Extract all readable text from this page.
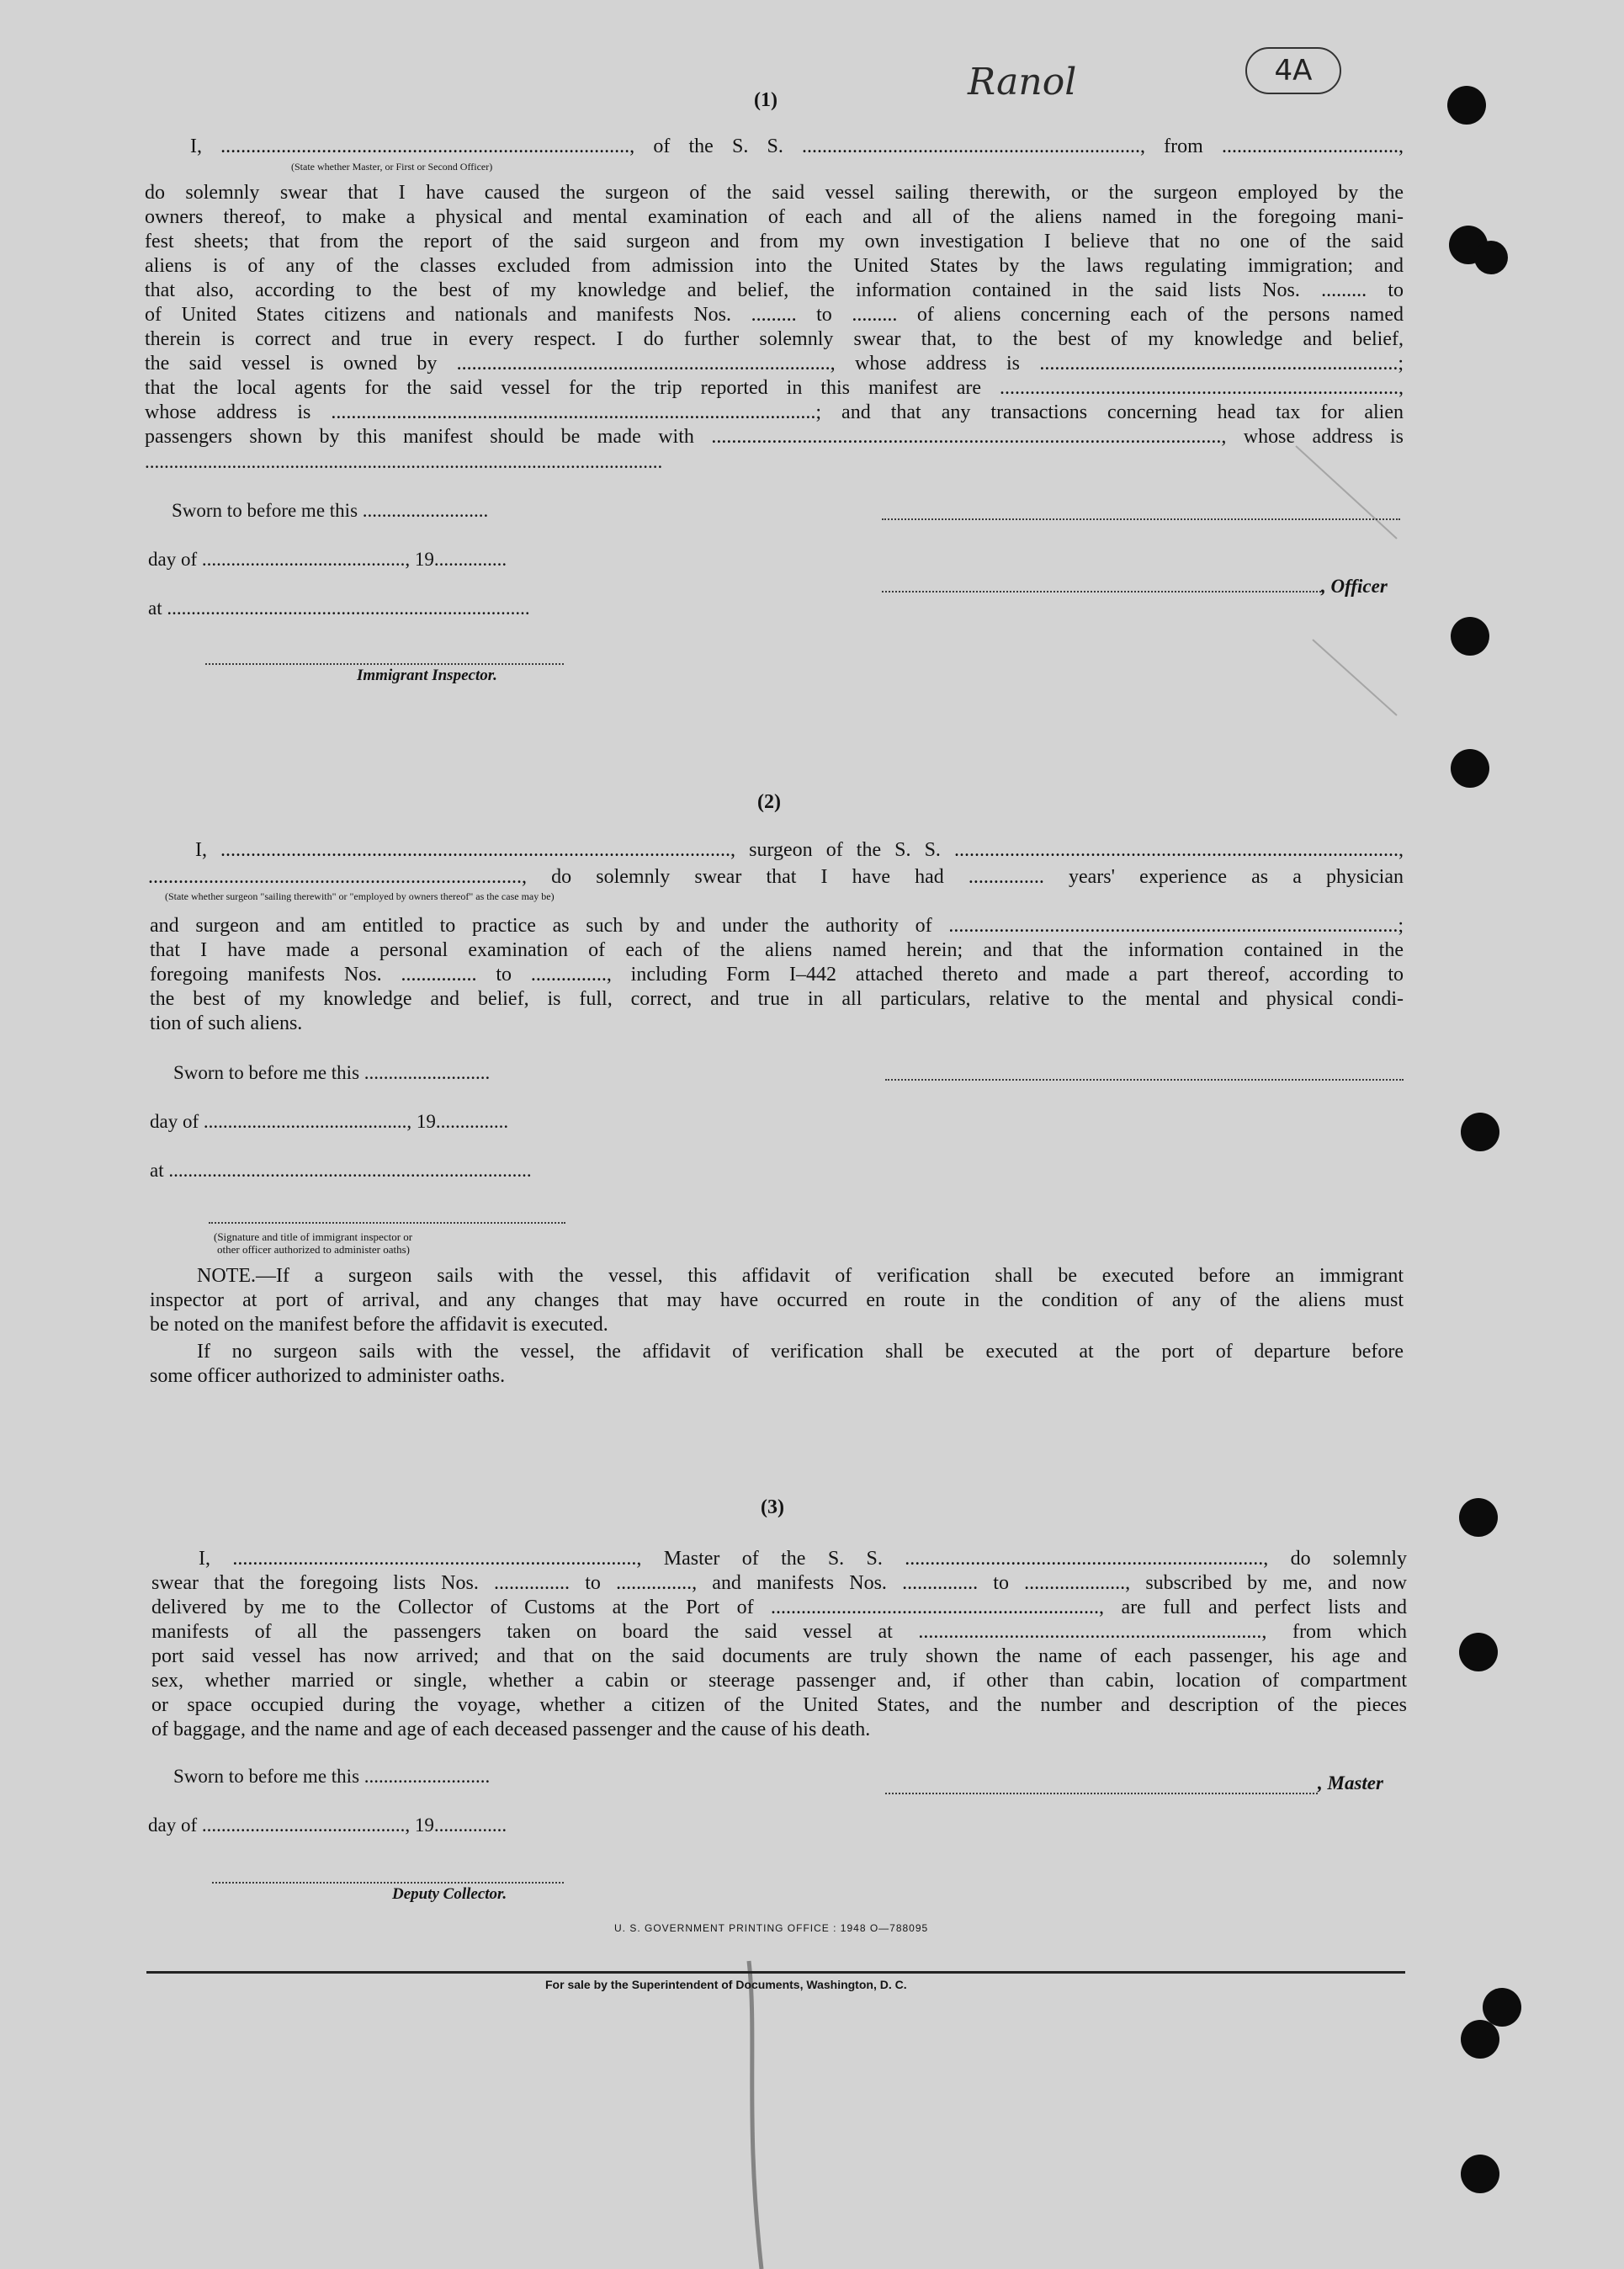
Ranol	4A
(1)
I, ................................................................................., of the S. S. ..................................................................., from ...................................,
(State whether Master, or First or Second Officer)
do solemnly swear that I have caused the surgeon of the said vessel sailing therewith, or the surgeon employed by the
owners thereof, to make a physical and mental examination of each and all of the aliens named in the foregoing mani-
fest sheets; that from the report of the said surgeon and from my own investigation I believe that no one of the said
aliens is of any of the classes excluded from admission into the United States by the laws regulating immigration; and
that also, according to the best of my knowledge and belief, the information contained in the said lists Nos. ......... to
of United States citizens and nationals and manifests Nos. ......... to ......... of aliens concerning each of the persons named
therein is correct and true in every respect. I do further solemnly swear that, to the best of my knowledge and belief,
the said vessel is owned by .........................................................................., whose address is .......................................................................;
that the local agents for the said vessel for the trip reported in this manifest are ...............................................................................,
whose address is ................................................................................................; and that any transactions concerning head tax for alien
passengers shown by this manifest should be made with ....................................................................................................., whose address is
...........................................................................................................
Sworn to before me this ..........................
day of .........................................., 19...............
at ...........................................................................
Immigrant Inspector.
, Officer
(2)
I, ....................................................................................................., surgeon of the S. S. ........................................................................................,
.........................................................................., do solemnly swear that I have had ............... years' experience as a physician
(State whether surgeon "sailing therewith" or "employed by owners thereof" as the case may be)
and surgeon and am entitled to practice as such by and under the authority of .........................................................................................;
that I have made a personal examination of each of the aliens named herein; and that the information contained in the
foregoing manifests Nos. ............... to ..............., including Form I–442 attached thereto and made a part thereof, according to
the best of my knowledge and belief, is full, correct, and true in all particulars, relative to the mental and physical condi-
tion of such aliens.
Sworn to before me this ..........................
day of .........................................., 19...............
at ...........................................................................
(Signature and title of immigrant inspector or
other officer authorized to administer oaths)
NOTE.—If a surgeon sails with the vessel, this affidavit of verification shall be executed before an immigrant
inspector at port of arrival, and any changes that may have occurred en route in the condition of any of the aliens must
be noted on the manifest before the affidavit is executed.
If no surgeon sails with the vessel, the affidavit of verification shall be executed at the port of departure before
some officer authorized to administer oaths.
(3)
I, ................................................................................, Master of the S. S. ......................................................................., do solemnly
swear that the foregoing lists Nos. ............... to ..............., and manifests Nos. ............... to ...................., subscribed by me, and now
delivered by me to the Collector of Customs at the Port of ................................................................., are full and perfect lists and
manifests of all the passengers taken on board the said vessel at ...................................................................., from which
port said vessel has now arrived; and that on the said documents are truly shown the name of each passenger, his age and
sex, whether married or single, whether a cabin or steerage passenger and, if other than cabin, location of compartment
or space occupied during the voyage, whether a citizen of the United States, and the number and description of the pieces
of baggage, and the name and age of each deceased passenger and the cause of his death.
Sworn to before me this ..........................	, Master
day of .........................................., 19...............
Deputy Collector.
U. S. GOVERNMENT PRINTING OFFICE : 1948 O—788095
For sale by the Superintendent of Documents, Washington, D. C.
